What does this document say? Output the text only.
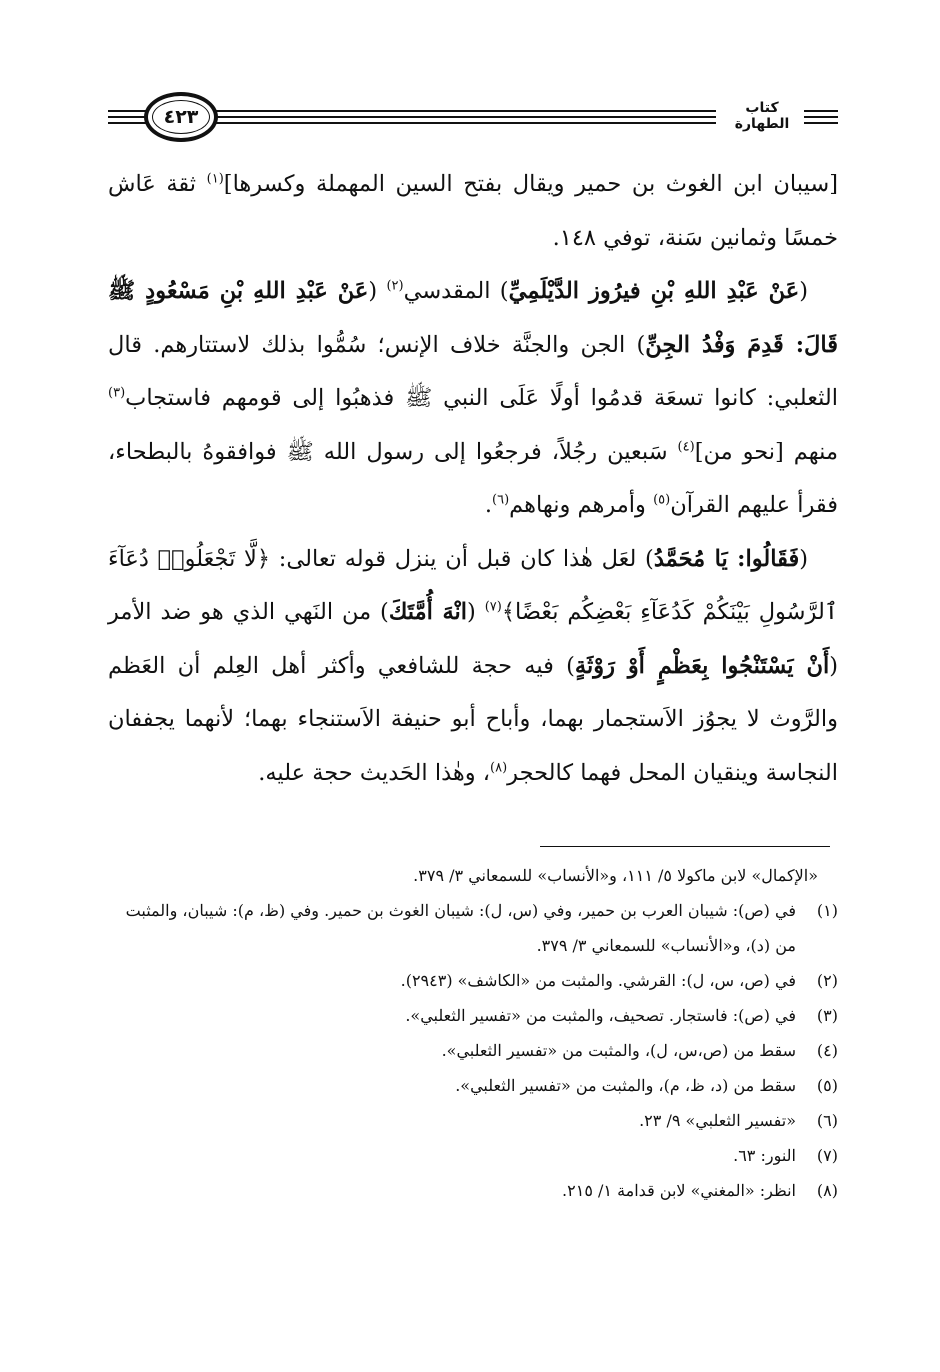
٤٢٣	كتاب الطهارة

[سيبان ابن الغوث بن حمير ويقال بفتح السين المهملة وكسرها]$^{(١)}$ ثقة عَاش خمسًا وثمانين سَنة، توفي ١٤٨.

(عَنْ عَبْدِ اللهِ بْنِ فيرُوز الدَّيْلَمِيِّ) المقدسي$^{(٢)}$ (عَنْ عَبْدِ اللهِ بْنِ مَسْعُودٍ ﷺ قَالَ: قَدِمَ وَفْدُ الجِنِّ) الجن والجنَّة خلاف الإنس؛ سُمُّوا بذلك لاستتارهم. قال الثعلبي: كانوا تسعَة قدمُوا أولًا عَلَى النبي ﷺ فذهبُوا إلى قومهم فاستجاب$^{(٣)}$ منهم [نحو من]$^{(٤)}$ سَبعين رجُلاً، فرجعُوا إلى رسول الله ﷺ فوافقوهُ بالبطحاء، فقرأ عليهم القرآن$^{(٥)}$ وأمرهم ونهاهم$^{(٦)}$.

(فَقَالُوا: يَا مُحَمَّدُ) لعَل هٰذا كان قبل أن ينزل قوله تعالى: ﴿لَّا تَجْعَلُوا۟ دُعَآءَ ٱلرَّسُولِ بَيْنَكُمْ كَدُعَآءِ بَعْضِكُم بَعْضًا﴾$^{(٧)}$ (انْهَ أُمَّتَكَ) من النَهي الذي هو ضد الأمر (أَنْ يَسْتَنْجُوا بِعَظْمٍ أَوْ رَوْثَةٍ) فيه حجة للشافعي وأكثر أهل العِلم أن العَظم والرَّوث لا يجوُز الاَستجمار بهما، وأباح أبو حنيفة الاَستنجاء بهما؛ لأنهما يجففان النجاسة وينقيان المحل فهما كالحجر$^{(٨)}$، وهٰذا الحَديث حجة عليه.

«الإكمال» لابن ماكولا ٥/ ١١١، و«الأنساب» للسمعاني ٣/ ٣٧٩.

(١)
في (ص): شيبان العرب بن حمير، وفي (س، ل): شيبان الغوث بن حمير. وفي (ظ، م): شيبان، والمثبت من (د)، و«الأنساب» للسمعاني ٣/ ٣٧٩.
(٢)
في (ص، س، ل): القرشي. والمثبت من «الكاشف» (٢٩٤٣).
(٣)
في (ص): فاستجار. تصحيف، والمثبت من «تفسير الثعلبي».
(٤)
سقط من (ص،س، ل)، والمثبت من «تفسير الثعلبي».
(٥)
سقط من (د، ظ، م)، والمثبت من «تفسير الثعلبي».
(٦)
«تفسير الثعلبي» ٩/ ٢٣.
(٧)
النور: ٦٣.
(٨)
انظر: «المغني» لابن قدامة ١/ ٢١٥.
